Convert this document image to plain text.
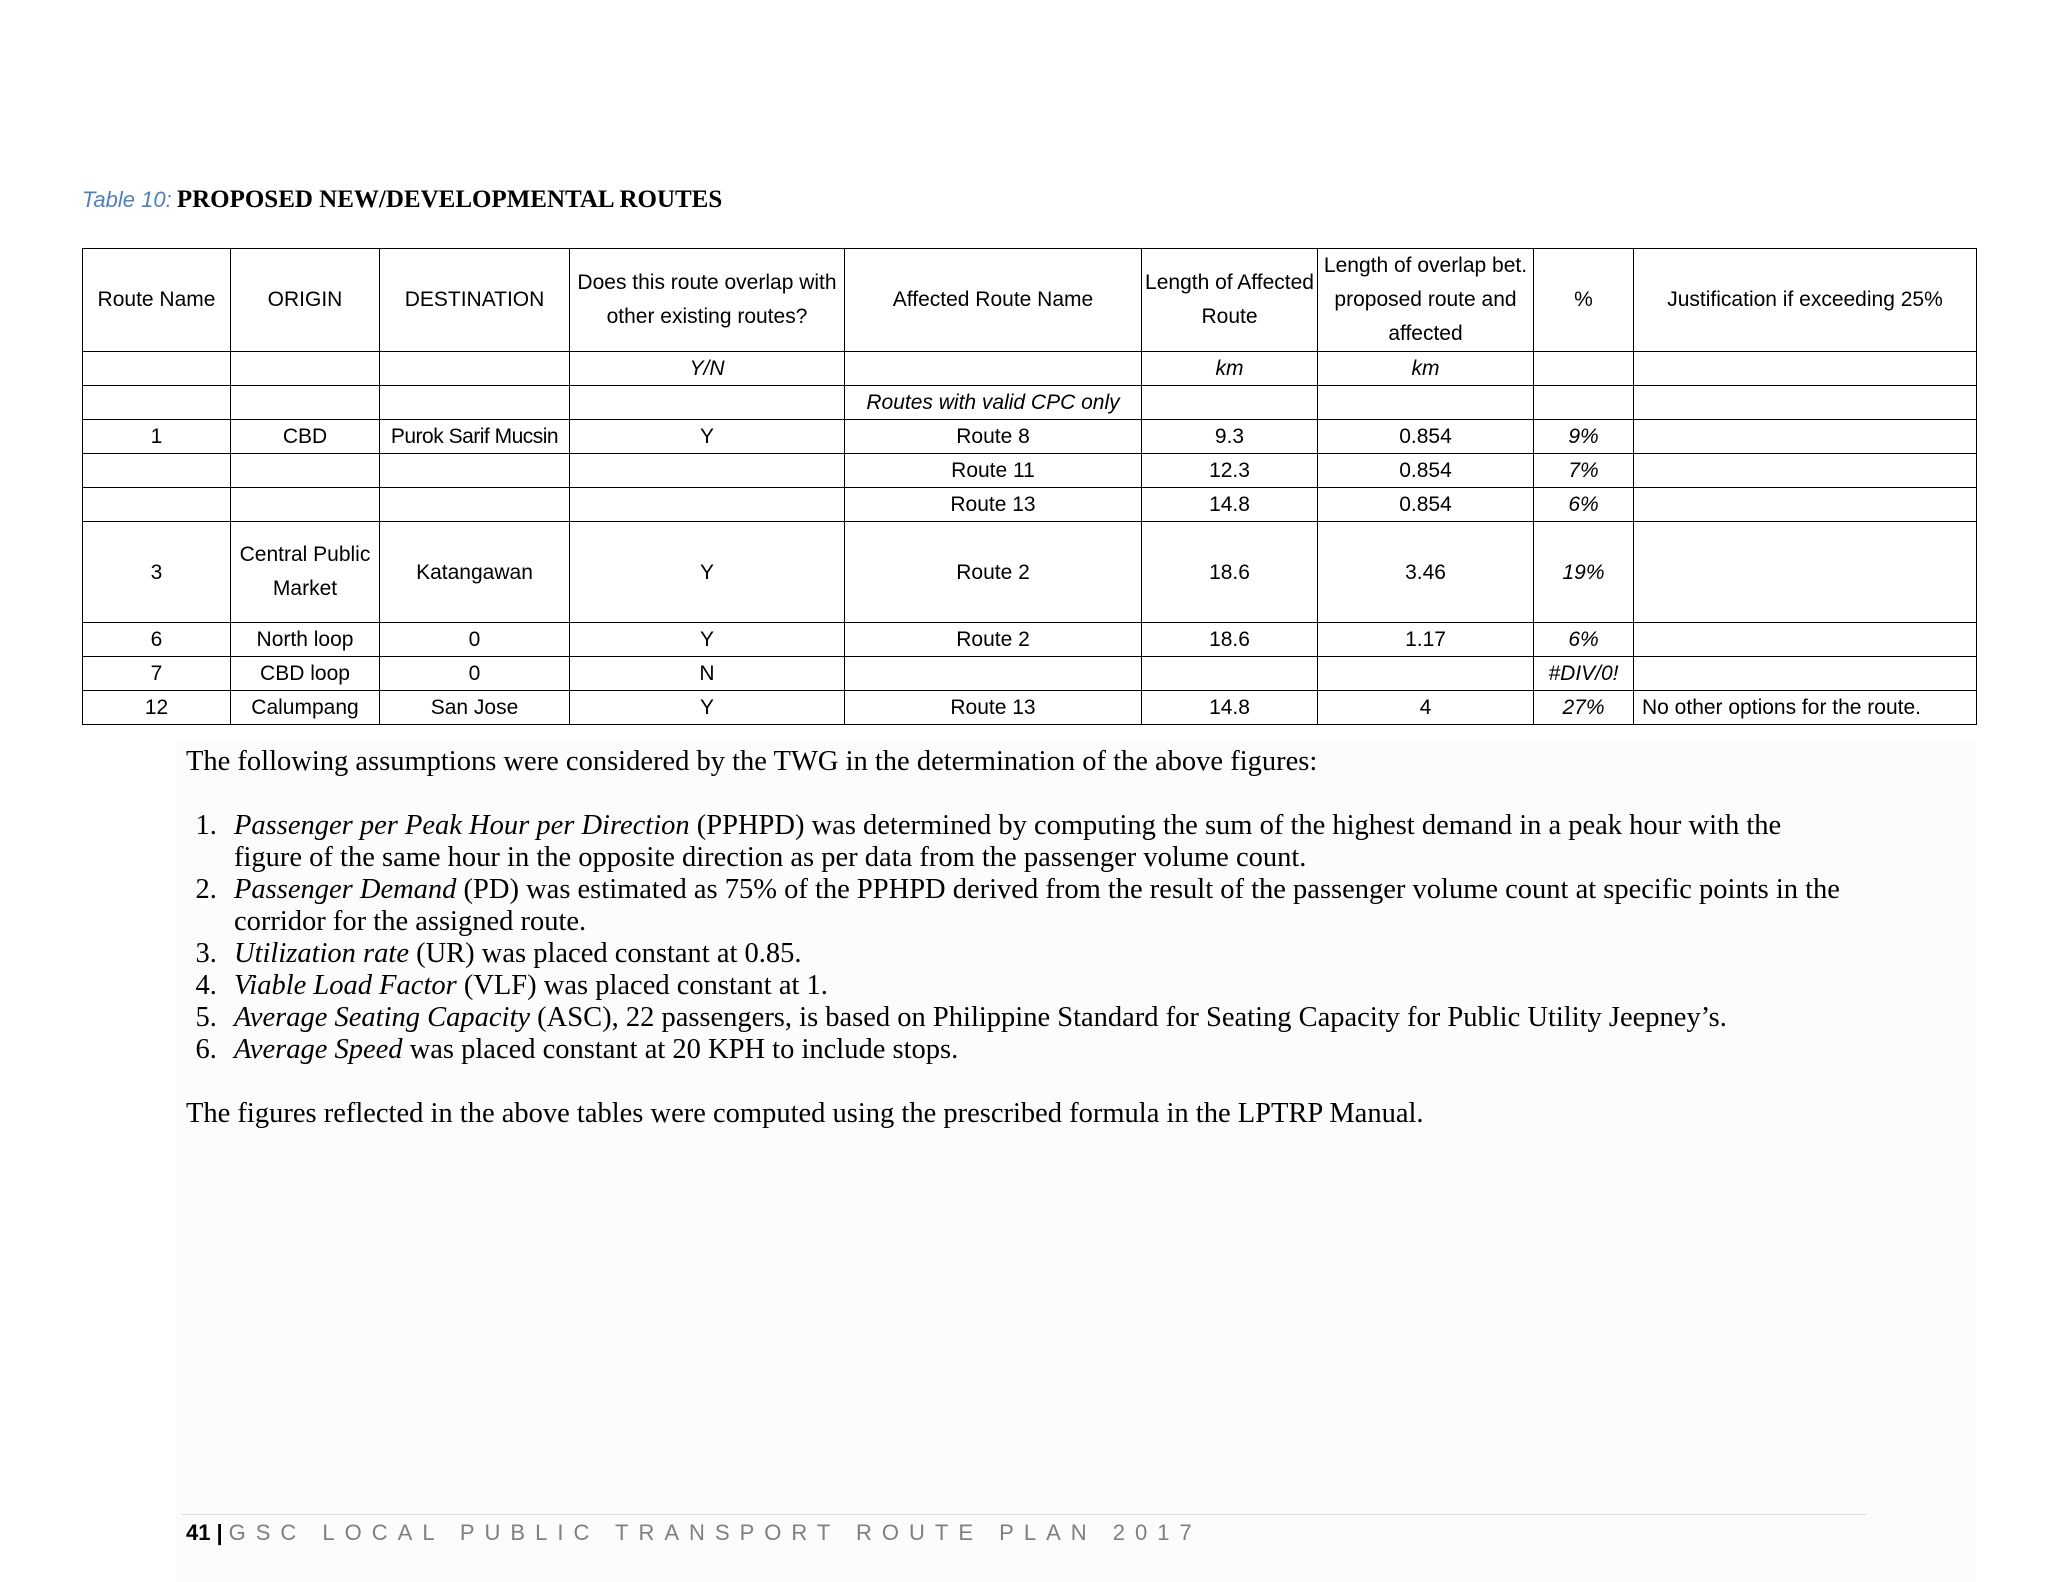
Table 10: PROPOSED NEW/DEVELOPMENTAL ROUTES
Route Name	ORIGIN	DESTINATION	Does this route overlap with other existing routes?	Affected Route Name	Length of Affected Route	Length of overlap bet. proposed route and affected	%	Justification if exceeding 25%
			Y/N		km	km		
				Routes with valid CPC only				
1	CBD	Purok Sarif Mucsin	Y	Route 8	9.3	0.854	9%	
				Route 11	12.3	0.854	7%	
				Route 13	14.8	0.854	6%	
3	Central Public Market	Katangawan	Y	Route 2	18.6	3.46	19%	
6	North loop	0	Y	Route 2	18.6	1.17	6%	
7	CBD loop	0	N				#DIV/0!	
12	Calumpang	San Jose	Y	Route 13	14.8	4	27%	No other options for the route.

The following assumptions were considered by the TWG in the determination of the above figures:

1. Passenger per Peak Hour per Direction (PPHPD) was determined by computing the sum of the highest demand in a peak hour with the figure of the same hour in the opposite direction as per data from the passenger volume count.
2. Passenger Demand (PD) was estimated as 75% of the PPHPD derived from the result of the passenger volume count at specific points in the corridor for the assigned route.
3. Utilization rate (UR) was placed constant at 0.85.
4. Viable Load Factor (VLF) was placed constant at 1.
5. Average Seating Capacity (ASC), 22 passengers, is based on Philippine Standard for Seating Capacity for Public Utility Jeepney’s.
6. Average Speed was placed constant at 20 KPH to include stops.

The figures reflected in the above tables were computed using the prescribed formula in the LPTRP Manual.

41 | GSC LOCAL PUBLIC TRANSPORT ROUTE PLAN 2017
